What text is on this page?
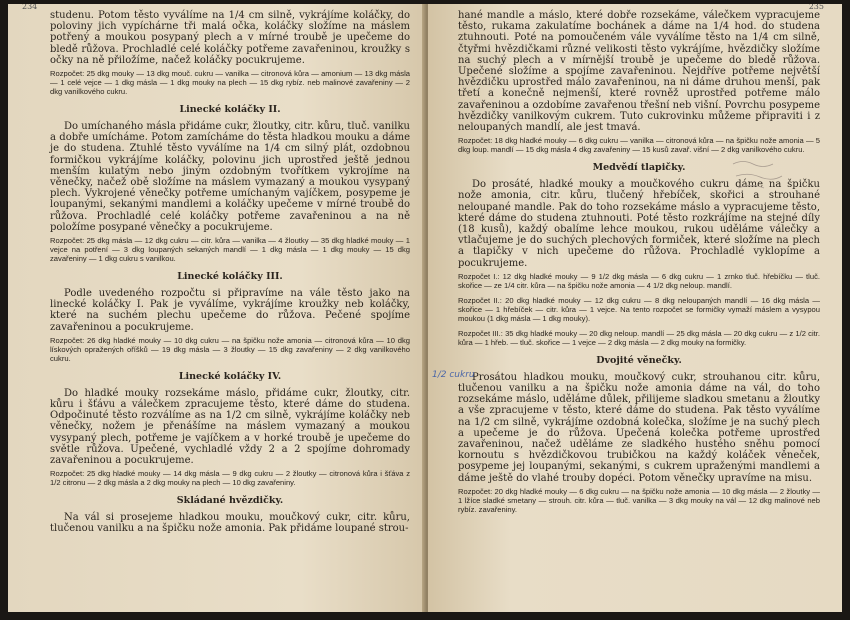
234

studenu. Potom těsto vyválíme na 1/4 cm silně, vykrájíme koláčky, do poloviny jich vypíchárne tři malá očka, koláčky složíme na máslem potřený a moukou posypaný plech a v mírné troubě je upečeme do bledě růžova. Prochladlé celé koláčky potřeme zavařeninou, kroužky s očky na ně přiložíme, načež koláčky pocukrujeme.

Rozpočet: 25 dkg mouky — 13 dkg mouč. cukru — vanilka — citronová kůra — amonium — 13 dkg másla — 1 celé vejce — 1 dkg másla — 1 dkg mouky na plech — 15 dkg rybíz. neb malinové zavařeniny — 2 dkg vanilkového cukru.
Linecké koláčky II.

Do umíchaného másla přidáme cukr, žloutky, citr. kůru, tluč. vanilku a dobře umícháme. Potom zamícháme do těsta hladkou mouku a dáme je do studena. Ztuhlé těsto vyválíme na 1/4 cm silný plát, ozdobnou formičkou vykrájíme koláčky, polovinu jich uprostřed ještě jednou menším kulatým nebo jiným ozdobným tvořítkem vykrojíme na věnečky, načež obě složíme na máslem vymazaný a moukou vysypaný plech. Vykrojené věnečky potřeme umíchaným vajíčkem, posypeme je loupanými, sekanými mandlemi a koláčky upečeme v mírné troubě do růžova. Prochladlé celé koláčky potřeme zavařeninou a na ně položíme posypané věnečky a pocukrujeme.

Rozpočet: 25 dkg másla — 12 dkg cukru — citr. kůra — vanilka — 4 žloutky — 35 dkg hladké mouky — 1 vejce na potření — 3 dkg loupaných sekaných mandlí — 1 dkg másla — 1 dkg mouky — 15 dkg zavařeniny — 1 dkg cukru s vanilkou.
Linecké koláčky III.

Podle uvedeného rozpočtu si připravíme na vále těsto jako na linecké koláčky I. Pak je vyválíme, vykrájíme kroužky neb koláčky, které na suchém plechu upečeme do růžova. Pečené spojíme zavařeninou a pocukrujeme.

Rozpočet: 26 dkg hladké mouky — 10 dkg cukru — na špičku nože amonia — citronová kůra — 10 dkg lískových opražených oříšků — 19 dkg másla — 3 žloutky — 15 dkg zavařeniny — 2 dkg vanilkového cukru.
Linecké koláčky IV.

Do hladké mouky rozsekáme máslo, přidáme cukr, žloutky, citr. kůru i šťávu a válečkem zpracujeme těsto, které dáme do studena. Odpočinuté těsto rozválíme as na 1/2 cm silně, vykrájíme koláčky neb věnečky, nožem je přenášíme na máslem vymazaný a moukou vysypaný plech, potřeme je vajíčkem a v horké troubě je upečeme do světle růžova. Upečené, vychladlé vždy 2 a 2 spojíme dohromady zavařeninou a pocukrujeme.

Rozpočet: 25 dkg hladké mouky — 14 dkg másla — 9 dkg cukru — 2 žloutky — citronová kůra i šťáva z 1/2 citronu — 2 dkg másla a 2 dkg mouky na plech — 10 dkg zavařeniny.
Skládané hvězdičky.

Na vál si prosejeme hladkou mouku, moučkový cukr, citr. kůru, tlučenou vanilku a na špičku nože amonia. Pak přidáme loupané strou-

235

hané mandle a máslo, které dobře rozsekáme, válečkem vypracujeme těsto, rukama zakulatíme bochánek a dáme na 1/4 hod. do studena ztuhnouti. Poté na pomoučeném vále vyválíme těsto na 1/4 cm silně, čtyřmi hvězdičkami různé velikosti těsto vykrájíme, hvězdičky složíme na suchý plech a v mírnější troubě je upečeme do bledě růžova. Upečené složíme a spojíme zavařeninou. Nejdříve potřeme největší hvězdičku uprostřed málo zavařeninou, na ni dáme druhou menší, pak třetí a konečně nejmenší, které rovněž uprostřed potřeme málo zavařeninou a ozdobíme zavařenou třešní neb višní. Povrchu posypeme hvězdičky vanilkovým cukrem. Tuto cukrovinku můžeme připraviti i z neloupaných mandlí, ale jest tmavá.

Rozpočet: 18 dkg hladké mouky — 6 dkg cukru — vanilka — citronová kůra — na špičku nože amonia — 5 dkg loup. mandlí — 15 dkg másla 4 dkg zavařeniny — 15 kusů zavař. višní — 2 dkg vanilkového cukru.
Medvědí tlapičky.

Do prosáté, hladké mouky a moučkového cukru dáme na špičku nože amonia, citr. kůru, tlučený hřebíček, skořici a strouhané neloupané mandle. Pak do toho rozsekáme máslo a vypracujeme těsto, které dáme do studena ztuhnouti. Poté těsto rozkrájíme na stejné díly (18 kusů), každý obalíme lehce moukou, rukou uděláme válečky a vtlačujeme je do suchých plechových formiček, které složíme na plech a tlapičky v nich upečeme do růžova. Prochladlé vyklopíme a pocukrujeme.

Rozpočet I.: 12 dkg hladké mouky — 9 1/2 dkg másla — 6 dkg cukru — 1 zrnko tluč. hřebíčku — tluč. skořice — ze 1/4 citr. kůra — na špičku nože amonia — 4 1/2 dkg neloup. mandlí.
Rozpočet II.: 20 dkg hladké mouky — 12 dkg cukru — 8 dkg neloupaných mandlí — 16 dkg másla — skořice — 1 hřebíček — citr. kůra — 1 vejce. Na tento rozpočet se formičky vymaží máslem a vysypou moukou (1 dkg másla — 1 dkg mouky).
Rozpočet III.: 35 dkg hladké mouky — 20 dkg neloup. mandlí — 25 dkg másla — 20 dkg cukru — z 1/2 citr. kůra — 1 hřeb. — tluč. skořice — 1 vejce — 2 dkg másla — 2 dkg mouky na formičky.
Dvojité věnečky.

Prosátou hladkou mouku, moučkový cukr, strouhanou citr. kůru, tlučenou vanilku a na špičku nože amonia dáme na vál, do toho rozsekáme máslo, uděláme důlek, přilijeme sladkou smetanu a žloutky a vše zpracujeme v těsto, které dáme do studena. Pak těsto vyválíme na 1/2 cm silně, vykrájíme ozdobná kolečka, složíme je na suchý plech a upečeme je do růžova. Upečená kolečka potřeme uprostřed zavařeninou, načež uděláme ze sladkého hustého sněhu pomocí kornoutu s hvězdičkovou trubičkou na každý koláček věneček, posypeme jej loupanými, sekanými, s cukrem upraženými mandlemi a dáme ještě do vlahé trouby dopéci. Potom věnečky upravíme na misu.

Rozpočet: 20 dkg hladké mouky — 6 dkg cukru — na špičku nože amonia — 10 dkg másla — 2 žloutky — 1 lžíce sladké smetany — strouh. citr. kůra — tluč. vanilka — 3 dkg mouky na vál — 12 dkg malinové neb rybíz. zavařeniny.
1/2 cukru
